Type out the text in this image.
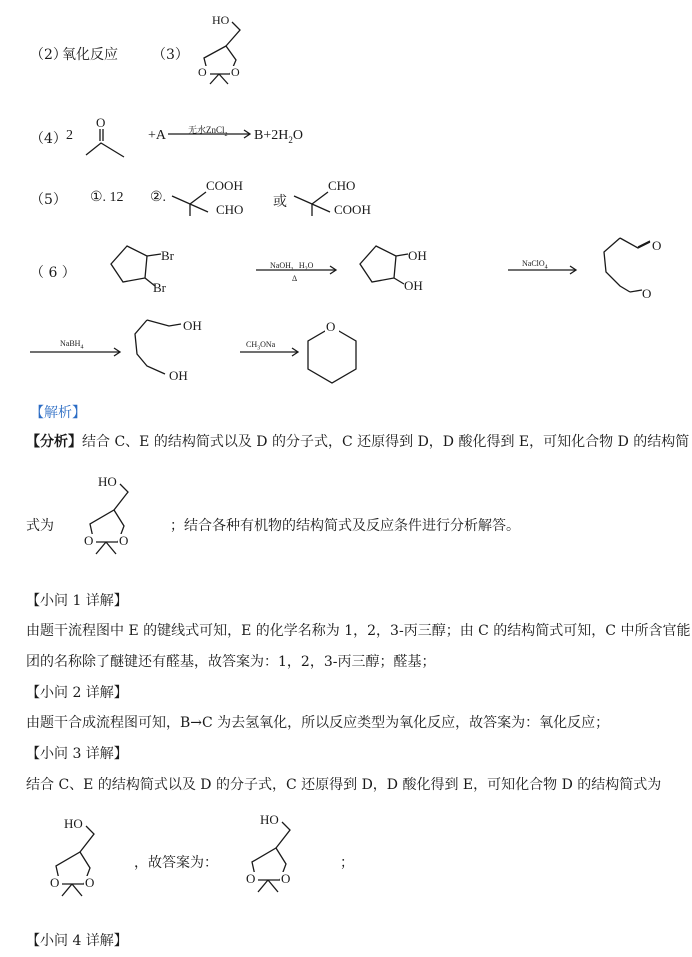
（2）
氧化反应 （3）
HO
O O
（4） 2
O
+A 无水ZnCl$_2$ $B+2H_2O$
（5） ①. 12 ②.
COOH
CHO 或
CHO
COOH
（ 6 ）
Br
Br
NaOH，$H_2O$
Δ
OH
OH
NaClO$_4$
O
O
NaBH$_4$
OH
OH
$CH_3ONa$
O
【解析】
【分析】结合 C、E 的结构简式以及 D 的分子式，C 还原得到 D，D 酸化得到 E，可知化合物 D 的结构简
式为
HO
O O
；结合各种有机物的结构简式及反应条件进行分析解答。
【小问 1 详解】
由题干流程图中 E 的键线式可知，E 的化学名称为 1，2，3-丙三醇；由 C 的结构简式可知，C 中所含官能
团的名称除了醚键还有醛基，故答案为：1，2，3-丙三醇；醛基；
【小问 2 详解】
由题干合成流程图可知，B→C 为去氢氧化，所以反应类型为氧化反应，故答案为：氧化反应；
【小问 3 详解】
结合 C、E 的结构简式以及 D 的分子式，C 还原得到 D，D 酸化得到 E，可知化合物 D 的结构简式为
HO
O O
，故答案为：
HO
O O
；
【小问 4 详解】
